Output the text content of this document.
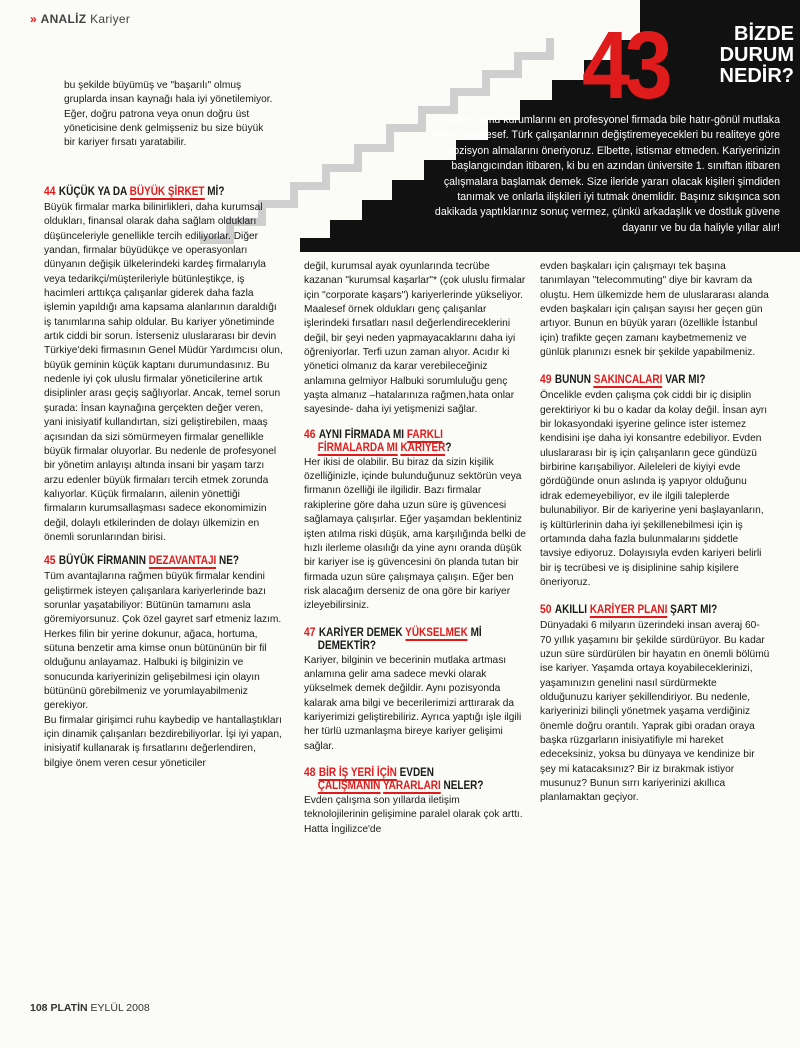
» ANALİZ Kariyer	43	BİZDE
DURUM
NEDİR?
Bırakın kamu kurumlarını en profesyonel firmada bile hatır-gönül mutlaka işliyor maalesef. Türk çalışanlarının değiştiremeyecekleri bu realiteye göre pozisyon almalarını öneriyoruz. Elbette, istismar etmeden. Kariyerinizin başlangıcından itibaren, ki bu en azından üniversite 1. sınıftan itibaren çalışmalara başlamak demek. Size ileride yararı olacak kişileri şimdiden tanımak ve onlarla ilişkileri iyi tutmak önemlidir. Başınız sıkışınca son dakikada yaptıklarınız sonuç vermez, çünkü arkadaşlık ve dostluk güvene dayanır ve bu da haliyle yıllar alır!

bu şekilde büyümüş ve "başarılı" olmuş gruplarda insan kaynağı hala iyi yönetilemiyor. Eğer, doğru patrona veya onun doğru üst yöneticisine denk gelmişseniz bu size büyük bir kariyer fırsatı yaratabilir.

44 KÜÇÜK YA DA BÜYÜK ŞİRKET Mİ?

Büyük firmalar marka bilinirlikleri, daha kurumsal oldukları, finansal olarak daha sağlam oldukları düşünceleriyle genellikle tercih ediliyorlar. Diğer yandan, firmalar büyüdükçe ve operasyonları dünyanın değişik ülkelerindeki kardeş firmalarıyla veya tedarikçi/müşterileriyle bütünleştikçe, iş hacimleri arttıkça çalışanlar giderek daha fazla işlemin yapıldığı ama kapsama alanlarının daraldığı iş tanımlarına sahip oldular. Bu kariyer yönetiminde artık ciddi bir sorun. İsterseniz uluslararası bir devin Türkiye'deki firmasının Genel Müdür Yardımcısı olun, büyük geminin küçük kaptanı durumundasınız. Bu nedenle iyi çok uluslu firmalar yöneticilerine artık disiplinler arası geçiş sağlıyorlar. Ancak, temel sorun şurada: İnsan kaynağına gerçekten değer veren, yani inisiyatif kullandırtan, sizi geliştirebilen, maaş açısından da sizi sömürmeyen firmalar genellikle büyük firmalar oluyorlar. Bu nedenle de profesyonel bir yönetim anlayışı altında insani bir yaşam tarzı arzu edenler büyük firmaları tercih etmek zorunda kalıyorlar. Küçük firmaların, ailenin yönettiği firmaların kurumsallaşması sadece ekonomimizin değil, dolaylı etkilerinden de dolayı ülkemizin en önemli sorunlarından birisi.

45 BÜYÜK FİRMANIN DEZAVANTAJI NE?

Tüm avantajlarına rağmen büyük firmalar kendini geliştirmek isteyen çalışanlara kariyerlerinde bazı sorunlar yaşatabiliyor: Bütünün tamamını asla göremiyorsunuz. Çok özel gayret sarf etmeniz lazım. Herkes filin bir yerine dokunur, ağaca, hortuma, sütuna benzetir ama kimse onun bütününün bir fil olduğunu anlayamaz. Halbuki iş bilginizin ve sonucunda kariyerinizin gelişebilmesi için olayın bütününü görebilmeniz ve yorumlayabilmeniz gerekiyor.

Bu firmalar girişimci ruhu kaybedip ve hantallaştıkları için dinamik çalışanları bezdirebiliyorlar. İşi iyi yapan, inisiyatif kullanarak iş fırsatlarını değerlendiren, bilgiye önem veren cesur yöneticiler

değil, kurumsal ayak oyunlarında tecrübe kazanan "kurumsal kaşarlar"* (çok uluslu firmalar için "corporate kaşars") kariyerlerinde yükseliyor. Maalesef örnek oldukları genç çalışanlar işlerindeki fırsatları nasıl değerlendireceklerini değil, bir şeyi neden yapmayacaklarını daha iyi öğreniyorlar. Terfi uzun zaman alıyor. Acıdır ki yönetici olmanız da karar verebileceğiniz anlamına gelmiyor Halbuki sorumluluğu genç yaşta almanız –hatalarınıza rağmen,hata onlar sayesinde- daha iyi yetişmenizi sağlar.

46 AYNI FİRMADA MI FARKLI
FİRMALARDA MI KARİYER?

Her ikisi de olabilir. Bu biraz da sizin kişilik özelliğinizle, içinde bulunduğunuz sektörün veya firmanın özelliği ile ilgilidir. Bazı firmalar rakiplerine göre daha uzun süre iş güvencesi sağlamaya çalışırlar. Eğer yaşamdan beklentiniz işten atılma riski düşük, ama karşılığında belki de hızlı ilerleme olasılığı da yine aynı oranda düşük bir kariyer ise iş güvencesini ön planda tutan bir firmada uzun süre çalışmaya çalışın. Eğer ben risk alacağım derseniz de ona göre bir kariyer izleyebilirsiniz.

47 KARİYER DEMEK YÜKSELMEK Mİ
DEMEKTİR?

Kariyer, bilginin ve becerinin mutlaka artması anlamına gelir ama sadece mevki olarak yükselmek demek değildir. Aynı pozisyonda kalarak ama bilgi ve becerilerimizi arttırarak da kariyerimizi geliştirebiliriz. Ayrıca yaptığı işle ilgili her türlü uzmanlaşma bireye kariyer gelişimi sağlar.

48 BİR İŞ YERİ İÇİN EVDEN
ÇALIŞMANIN YARARLARI NELER?

Evden çalışma son yıllarda iletişim teknolojilerinin gelişimine paralel olarak çok arttı. Hatta İngilizce'de

evden başkaları için çalışmayı tek başına tanımlayan "telecommuting" diye bir kavram da oluştu. Hem ülkemizde hem de uluslararası alanda evden başkaları için çalışan sayısı her geçen gün artıyor. Bunun en büyük yararı (özellikle İstanbul için) trafikte geçen zamanı kaybetmemeniz ve günlük planınızı esnek bir şekilde yapabilmeniz.

49 BUNUN SAKINCALARI VAR MI?

Öncelikle evden çalışma çok ciddi bir iç disiplin gerektiriyor ki bu o kadar da kolay değil. İnsan ayrı bir lokasyondaki işyerine gelince ister istemez kendisini işe daha iyi konsantre edebiliyor. Evden uluslararası bir iş için çalışanların gece gündüzü birbirine karışabiliyor. Aileleleri de kiyiyi evde gördüğünde onun aslında iş yapıyor olduğunu idrak edemeyebiliyor, ev ile ilgili taleplerde bulunabiliyor. Bir de kariyerine yeni başlayanların, iş kültürlerinin daha iyi şekillenebilmesi için iş ortamında daha fazla bulunmalarını şiddetle tavsiye ediyoruz. Dolayısıyla evden kariyeri belirli bir iş tecrübesi ve iş disiplinine sahip kişilere öneriyoruz.

50 AKILLI KARİYER PLANI ŞART MI?

Dünyadaki 6 milyarın üzerindeki insan averaj 60-70 yıllık yaşamını bir şekilde sürdürüyor. Bu kadar uzun süre sürdürülen bir hayatın en önemli bölümü ise kariyer. Yaşamda ortaya koyabileceklerinizi, yaşamınızın genelini nasıl sürdürmekte olduğunuzu kariyer şekillendiriyor. Bu nedenle, kariyerinizi bilinçli yönetmek yaşama verdiğiniz önemle doğru orantılı. Yaprak gibi oradan oraya başka rüzgarların inisiyatifiyle mi hareket edeceksiniz, yoksa bu dünyaya ve kendinize bir şey mi katacaksınız? Bir iz bırakmak istiyor musunuz? Bunun sırrı kariyerinizi akıllıca planlamaktan geçiyor.

108 PLATİN EYLÜL 2008
